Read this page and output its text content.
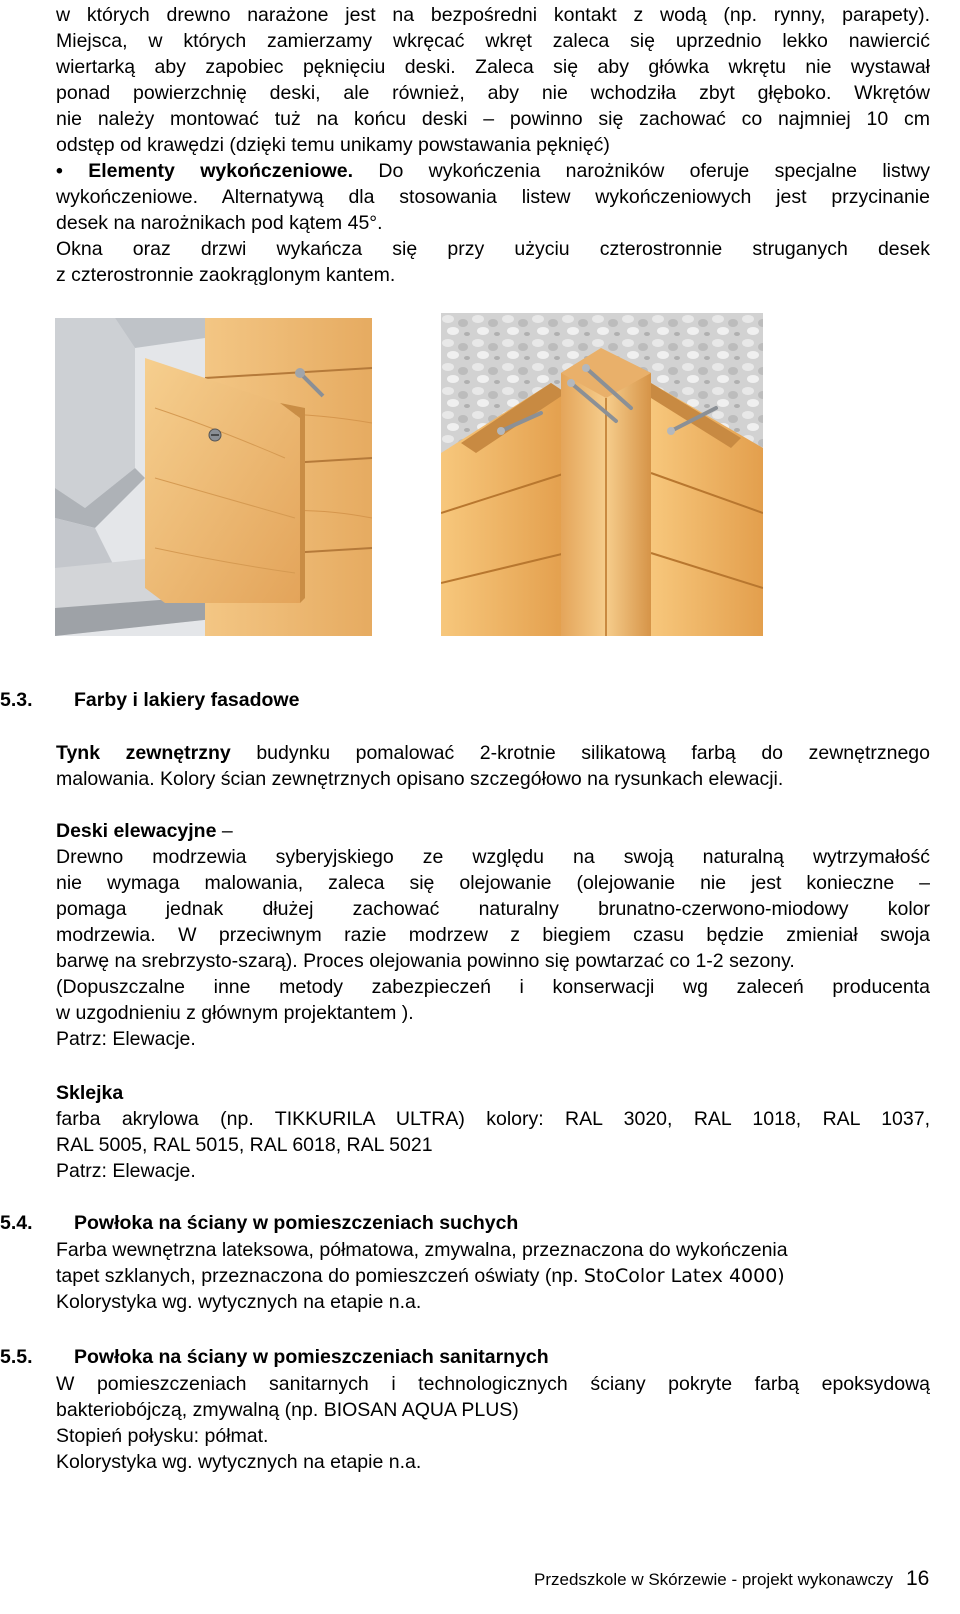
w których drewno narażone jest na bezpośredni kontakt z wodą (np. rynny, parapety).
Miejsca, w których zamierzamy wkręcać wkręt zaleca się uprzednio lekko nawiercić
wiertarką aby zapobiec pęknięciu deski. Zaleca się aby główka wkrętu nie wystawał
ponad powierzchnię deski, ale również, aby nie wchodziła zbyt głęboko. Wkrętów
nie należy montować tuż na końcu deski – powinno się zachować co najmniej 10 cm
odstęp od krawędzi (dzięki temu unikamy powstawania pęknięć)
• Elementy wykończeniowe. Do wykończenia narożników oferuje specjalne listwy
wykończeniowe. Alternatywą dla stosowania listew wykończeniowych jest przycinanie
desek na narożnikach pod kątem 45°.
Okna oraz drzwi wykańcza się przy użyciu czterostronnie struganych desek
z czterostronnie zaokrąglonym kantem.
5.3. Farby i lakiery fasadowe
Tynk zewnętrzny budynku pomalować 2-krotnie silikatową farbą do zewnętrznego
malowania. Kolory ścian zewnętrznych opisano szczegółowo na rysunkach elewacji.
Deski elewacyjne –
Drewno modrzewia syberyjskiego ze względu na swoją naturalną wytrzymałość
nie wymaga malowania, zaleca się olejowanie (olejowanie nie jest konieczne –
pomaga jednak dłużej zachować naturalny brunatno-czerwono-miodowy kolor
modrzewia. W przeciwnym razie modrzew z biegiem czasu będzie zmieniał swoja
barwę na srebrzysto-szarą). Proces olejowania powinno się powtarzać co 1-2 sezony.
(Dopuszczalne inne metody zabezpieczeń i konserwacji wg zaleceń producenta
w uzgodnieniu z głównym projektantem ).
Patrz: Elewacje.
Sklejka
farba akrylowa (np. TIKKURILA ULTRA) kolory: RAL 3020, RAL 1018, RAL 1037,
RAL 5005, RAL 5015, RAL 6018, RAL 5021
Patrz: Elewacje.
5.4. Powłoka na ściany w pomieszczeniach suchych
Farba wewnętrzna lateksowa, półmatowa, zmywalna, przeznaczona do wykończenia
tapet szklanych, przeznaczona do pomieszczeń oświaty (np. StoColor Latex 4000)
Kolorystyka wg. wytycznych na etapie n.a.
5.5. Powłoka na ściany w pomieszczeniach sanitarnych
W pomieszczeniach sanitarnych i technologicznych ściany pokryte farbą epoksydową
bakteriobójczą, zmywalną (np. BIOSAN AQUA PLUS)
Stopień połysku: półmat.
Kolorystyka wg. wytycznych na etapie n.a.
Przedszkole w Skórzewie - projekt wykonawczy 16
